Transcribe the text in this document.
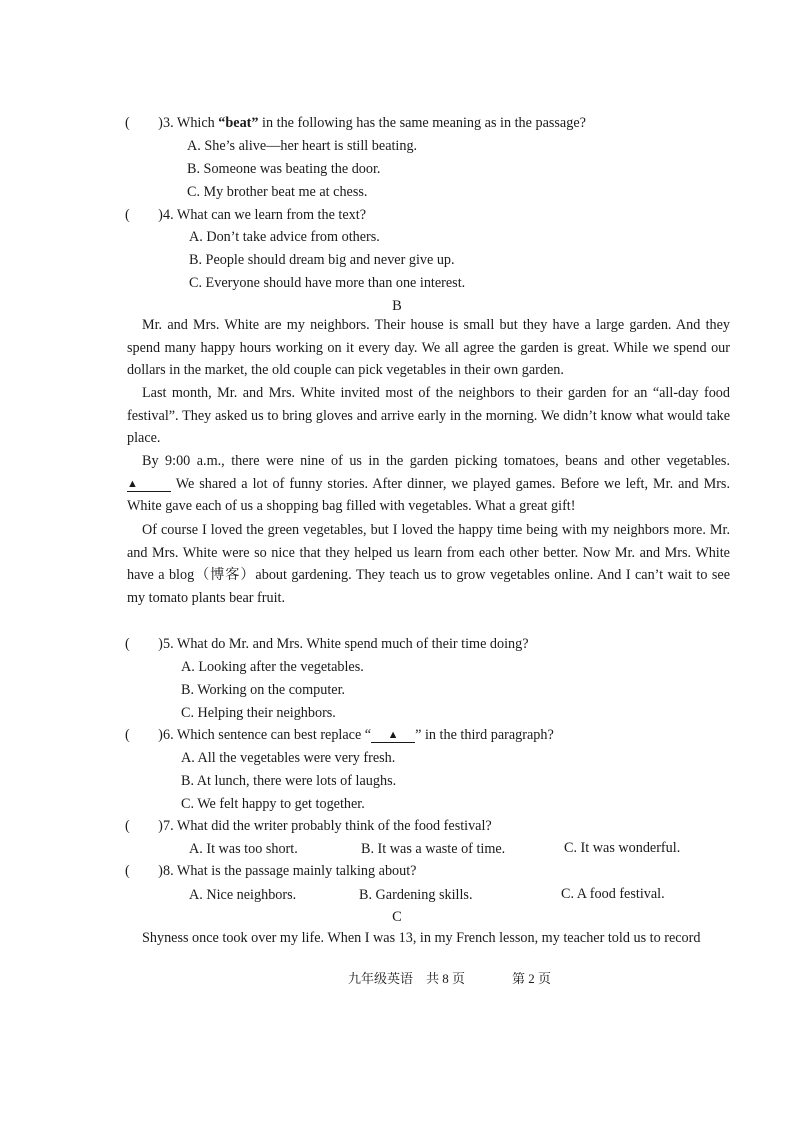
(　　) 3. Which “beat” in the following has the same meaning as in the passage?
A. She’s alive—her heart is still beating.
B. Someone was beating the door.
C. My brother beat me at chess.
(　　) 4. What can we learn from the text?
A. Don’t take advice from others.
B. People should dream big and never give up.
C. Everyone should have more than one interest.
B
Mr. and Mrs. White are my neighbors. Their house is small but they have a large garden. And they spend many happy hours working on it every day. We all agree the garden is great. While we spend our dollars in the market, the old couple can pick vegetables in their own garden.
Last month, Mr. and Mrs. White invited most of the neighbors to their garden for an “all-day food festival”. They asked us to bring gloves and arrive early in the morning. We didn’t know what would take place.
By 9:00 a.m., there were nine of us in the garden picking tomatoes, beans and other vegetables. ▲	We shared a lot of funny stories. After dinner, we played games. Before we left, Mr. and Mrs. White gave each of us a shopping bag filled with vegetables. What a great gift!
Of course I loved the green vegetables, but I loved the happy time being with my neighbors more. Mr. and Mrs. White were so nice that they helped us learn from each other better. Now Mr. and Mrs. White have a blog（博客）about gardening. They teach us to grow vegetables online. And I can’t wait to see my tomato plants bear fruit.
(　　) 5. What do Mr. and Mrs. White spend much of their time doing?
A. Looking after the vegetables.
B. Working on the computer.
C. Helping their neighbors.
(　　) 6. Which sentence can best replace “ ▲ ” in the third paragraph?
A. All the vegetables were very fresh.
B. At lunch, there were lots of laughs.
C. We felt happy to get together.
(　　) 7. What did the writer probably think of the food festival?
A. It was too short.	B. It was a waste of time.	C. It was wonderful.
(　　) 8. What is the passage mainly talking about?
A. Nice neighbors.	B. Gardening skills.	C. A food festival.
C
Shyness once took over my life. When I was 13, in my French lesson, my teacher told us to record
九年级英语　共 8 页	第 2 页
